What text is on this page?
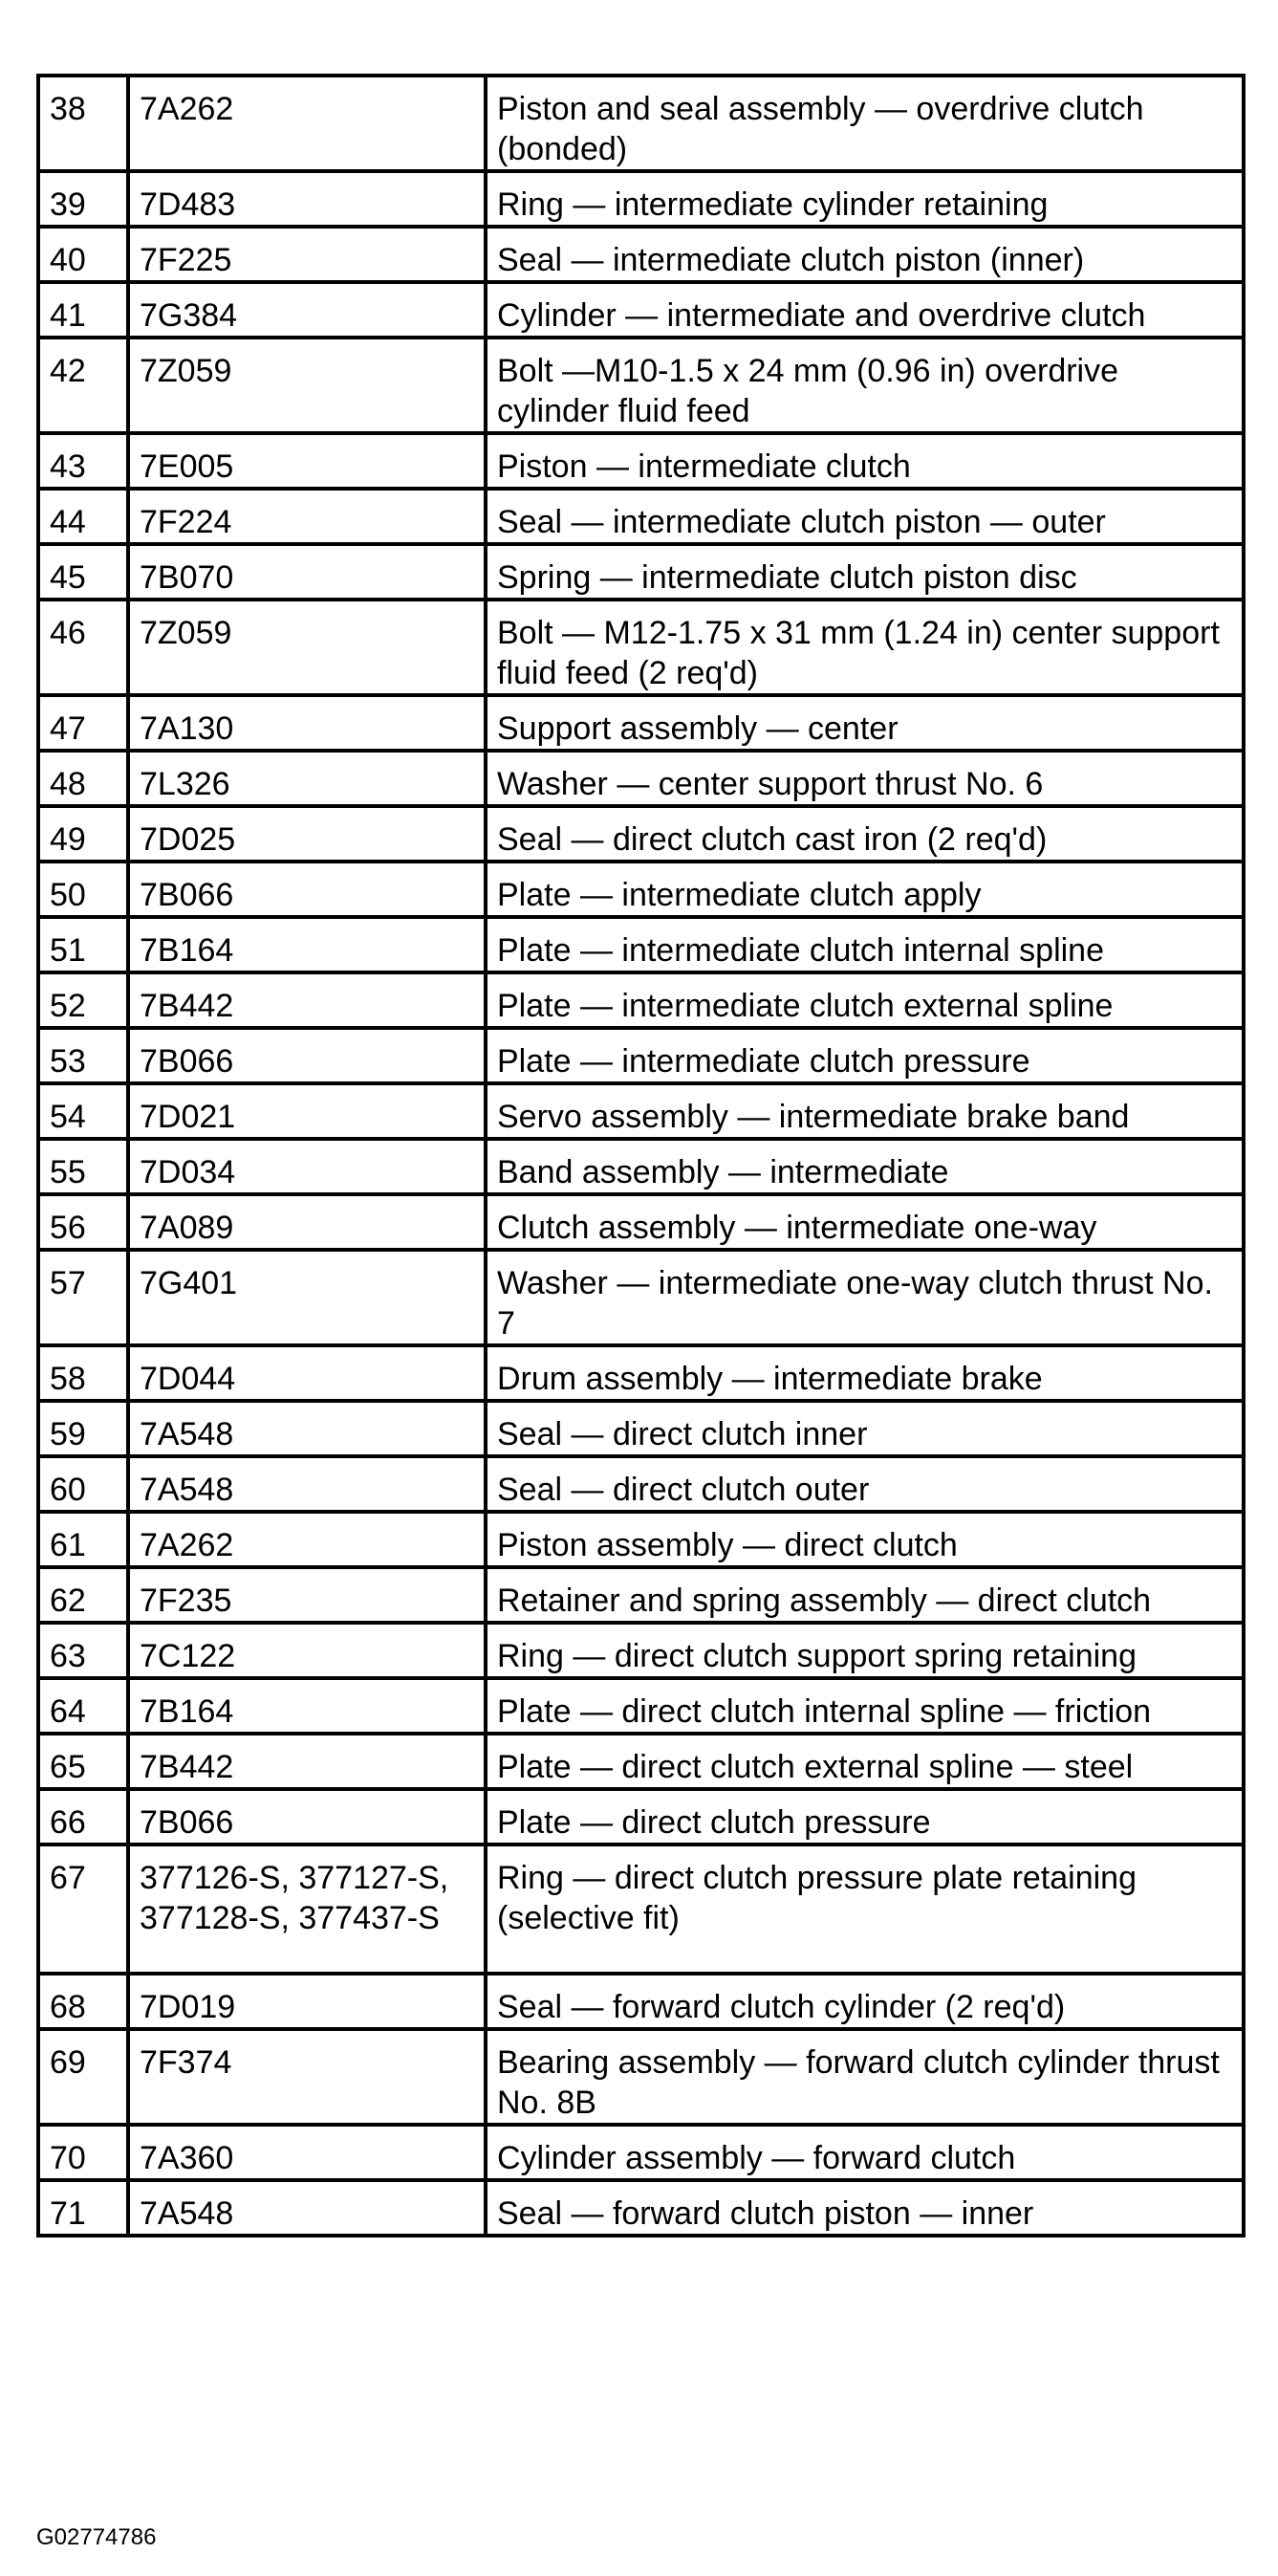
38	7A262	Piston and seal assembly — overdrive clutch (bonded)
39	7D483	Ring — intermediate cylinder retaining
40	7F225	Seal — intermediate clutch piston (inner)
41	7G384	Cylinder — intermediate and overdrive clutch
42	7Z059	Bolt —M10-1.5 x 24 mm (0.96 in) overdrive cylinder fluid feed
43	7E005	Piston — intermediate clutch
44	7F224	Seal — intermediate clutch piston — outer
45	7B070	Spring — intermediate clutch piston disc
46	7Z059	Bolt — M12-1.75 x 31 mm (1.24 in) center support fluid feed (2 req'd)
47	7A130	Support assembly — center
48	7L326	Washer — center support thrust No. 6
49	7D025	Seal — direct clutch cast iron (2 req'd)
50	7B066	Plate — intermediate clutch apply
51	7B164	Plate — intermediate clutch internal spline
52	7B442	Plate — intermediate clutch external spline
53	7B066	Plate — intermediate clutch pressure
54	7D021	Servo assembly — intermediate brake band
55	7D034	Band assembly — intermediate
56	7A089	Clutch assembly — intermediate one-way
57	7G401	Washer — intermediate one-way clutch thrust No. 7
58	7D044	Drum assembly — intermediate brake
59	7A548	Seal — direct clutch inner
60	7A548	Seal — direct clutch outer
61	7A262	Piston assembly — direct clutch
62	7F235	Retainer and spring assembly — direct clutch
63	7C122	Ring — direct clutch support spring retaining
64	7B164	Plate — direct clutch internal spline — friction
65	7B442	Plate — direct clutch external spline — steel
66	7B066	Plate — direct clutch pressure
67	377126-S, 377127-S, 377128-S, 377437-S	Ring — direct clutch pressure plate retaining (selective fit)
68	7D019	Seal — forward clutch cylinder (2 req'd)
69	7F374	Bearing assembly — forward clutch cylinder thrust No. 8B
70	7A360	Cylinder assembly — forward clutch
71	7A548	Seal — forward clutch piston — inner
G02774786
